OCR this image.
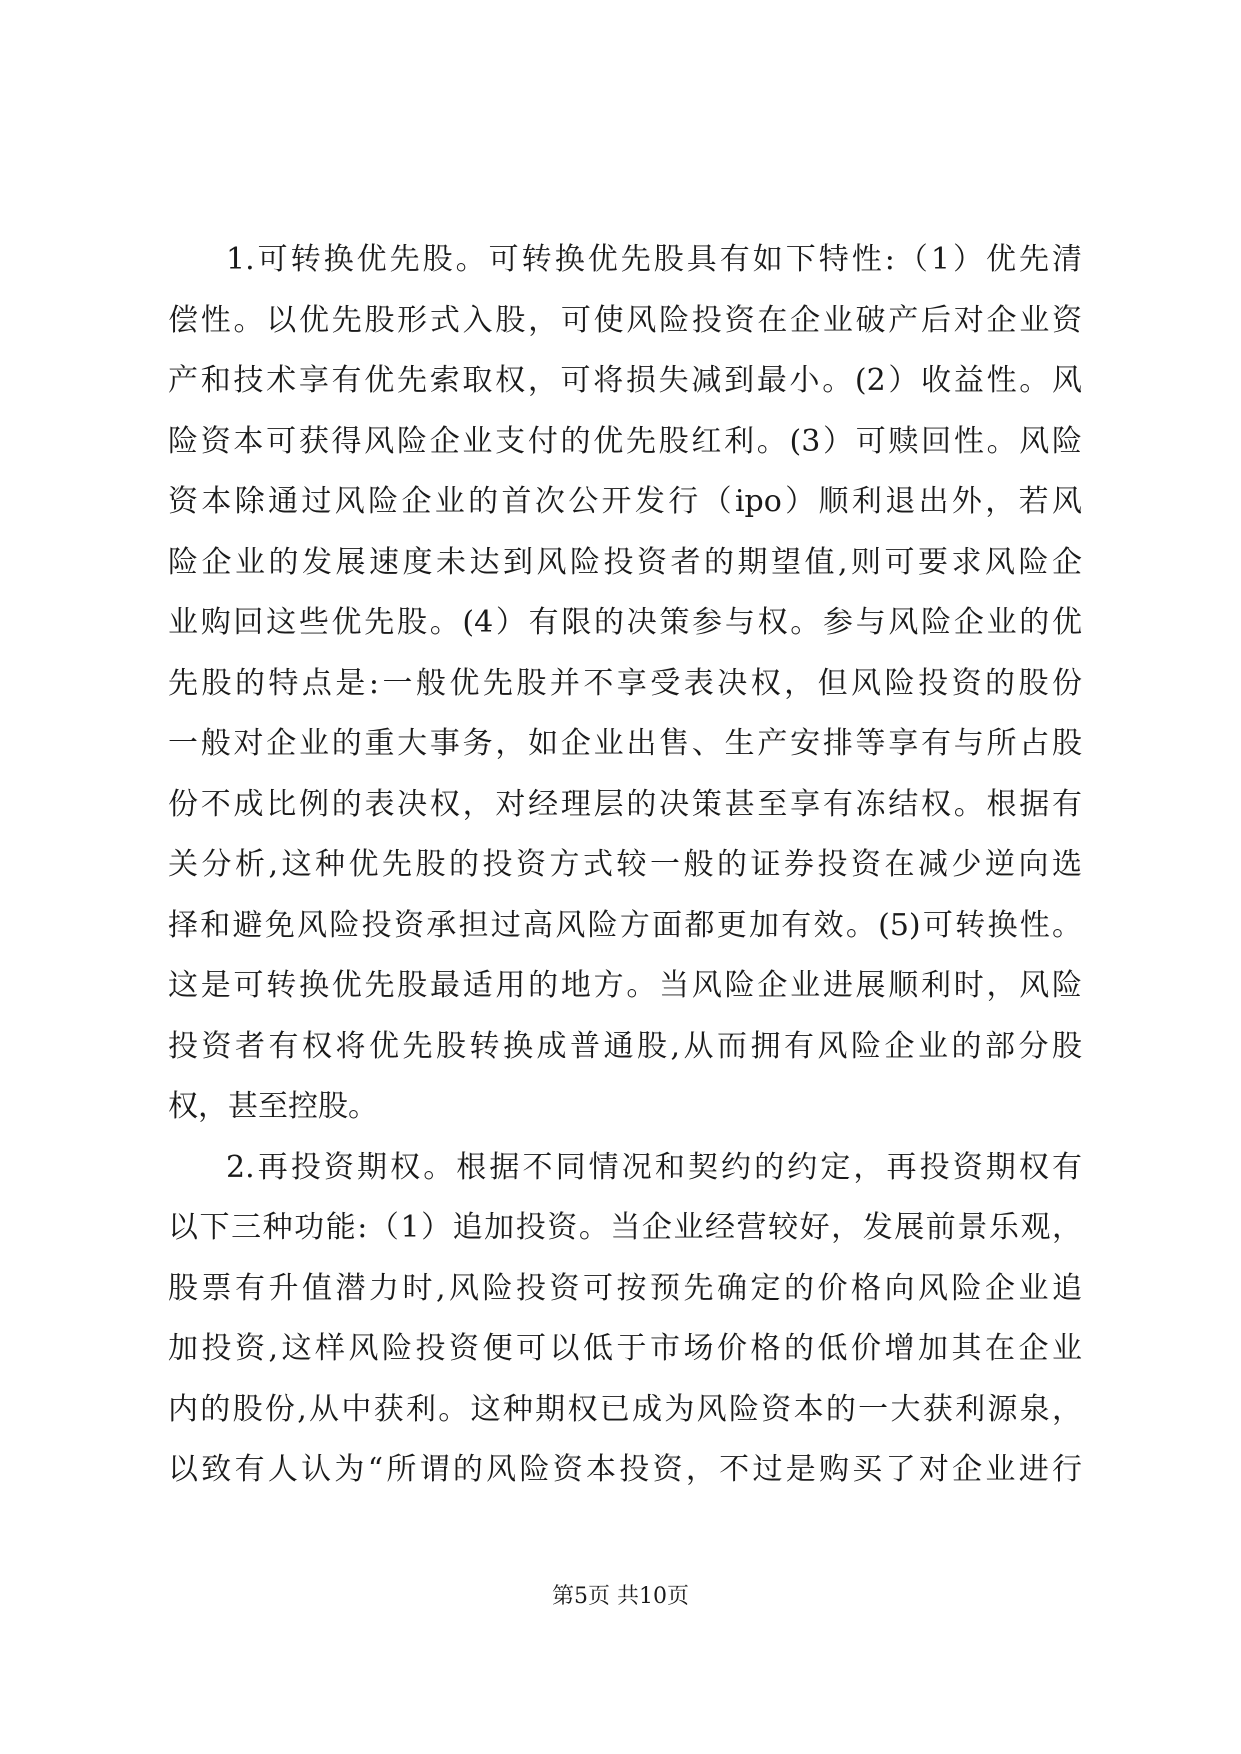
1.可转换优先股。可转换优先股具有如下特性:（1）优先清
偿性。以优先股形式入股，可使风险投资在企业破产后对企业资
产和技术享有优先索取权，可将损失减到最小。(2）收益性。风
险资本可获得风险企业支付的优先股红利。(3）可赎回性。风险
资本除通过风险企业的首次公开发行（ipo）顺利退出外，若风
险企业的发展速度未达到风险投资者的期望值,则可要求风险企
业购回这些优先股。(4）有限的决策参与权。参与风险企业的优
先股的特点是:一般优先股并不享受表决权，但风险投资的股份
一般对企业的重大事务，如企业出售、生产安排等享有与所占股
份不成比例的表决权，对经理层的决策甚至享有冻结权。根据有
关分析,这种优先股的投资方式较一般的证券投资在减少逆向选
择和避免风险投资承担过高风险方面都更加有效。(5)可转换性。
这是可转换优先股最适用的地方。当风险企业进展顺利时，风险
投资者有权将优先股转换成普通股,从而拥有风险企业的部分股
权，甚至控股。
2.再投资期权。根据不同情况和契约的约定，再投资期权有
以下三种功能:（1）追加投资。当企业经营较好，发展前景乐观，
股票有升值潜力时,风险投资可按预先确定的价格向风险企业追
加投资,这样风险投资便可以低于市场价格的低价增加其在企业
内的股份,从中获利。这种期权已成为风险资本的一大获利源泉，
以致有人认为“所谓的风险资本投资，不过是购买了对企业进行
第5页 共10页
